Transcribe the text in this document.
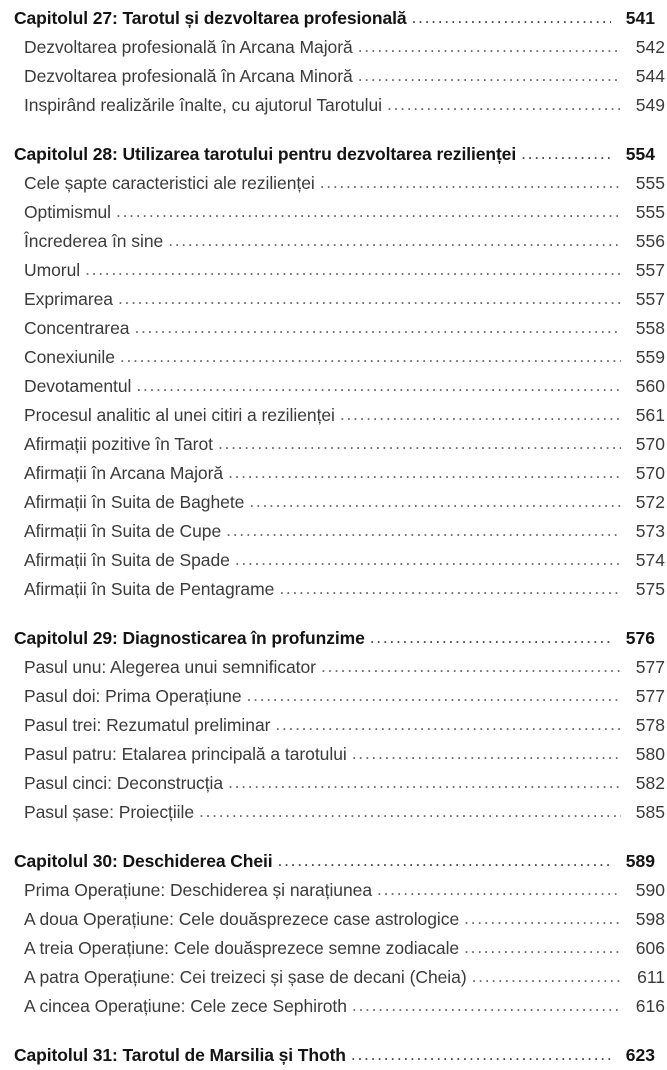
Capitolul 27: Tarotul și dezvoltarea profesională .....	541
Dezvoltarea profesională în Arcana Majoră .....	542
Dezvoltarea profesională în Arcana Minoră .....	544
Inspirând realizările înalte, cu ajutorul Tarotului .....	549
Capitolul 28: Utilizarea tarotului pentru dezvoltarea rezilienței .....	554
Cele șapte caracteristici ale rezilienței .....	555
Optimismul .....	555
Încrederea în sine .....	556
Umorul .....	557
Exprimarea .....	557
Concentrarea .....	558
Conexiunile .....	559
Devotamentul .....	560
Procesul analitic al unei citiri a rezilienței .....	561
Afirmații pozitive în Tarot .....	570
Afirmații în Arcana Majoră .....	570
Afirmații în Suita de Baghete .....	572
Afirmații în Suita de Cupe .....	573
Afirmații în Suita de Spade .....	574
Afirmații în Suita de Pentagrame .....	575
Capitolul 29: Diagnosticarea în profunzime .....	576
Pasul unu: Alegerea unui semnificator .....	577
Pasul doi: Prima Operațiune .....	577
Pasul trei: Rezumatul preliminar .....	578
Pasul patru: Etalarea principală a tarotului .....	580
Pasul cinci: Deconstrucția .....	582
Pasul șase: Proiecțiile .....	585
Capitolul 30: Deschiderea Cheii .....	589
Prima Operațiune: Deschiderea și narațiunea .....	590
A doua Operațiune: Cele douăsprezece case astrologice .....	598
A treia Operațiune: Cele douăsprezece semne zodiacale .....	606
A patra Operațiune: Cei treizeci și șase de decani (Cheia) .....	611
A cincea Operațiune: Cele zece Sephiroth .....	616
Capitolul 31: Tarotul de Marsilia și Thoth .....	623
